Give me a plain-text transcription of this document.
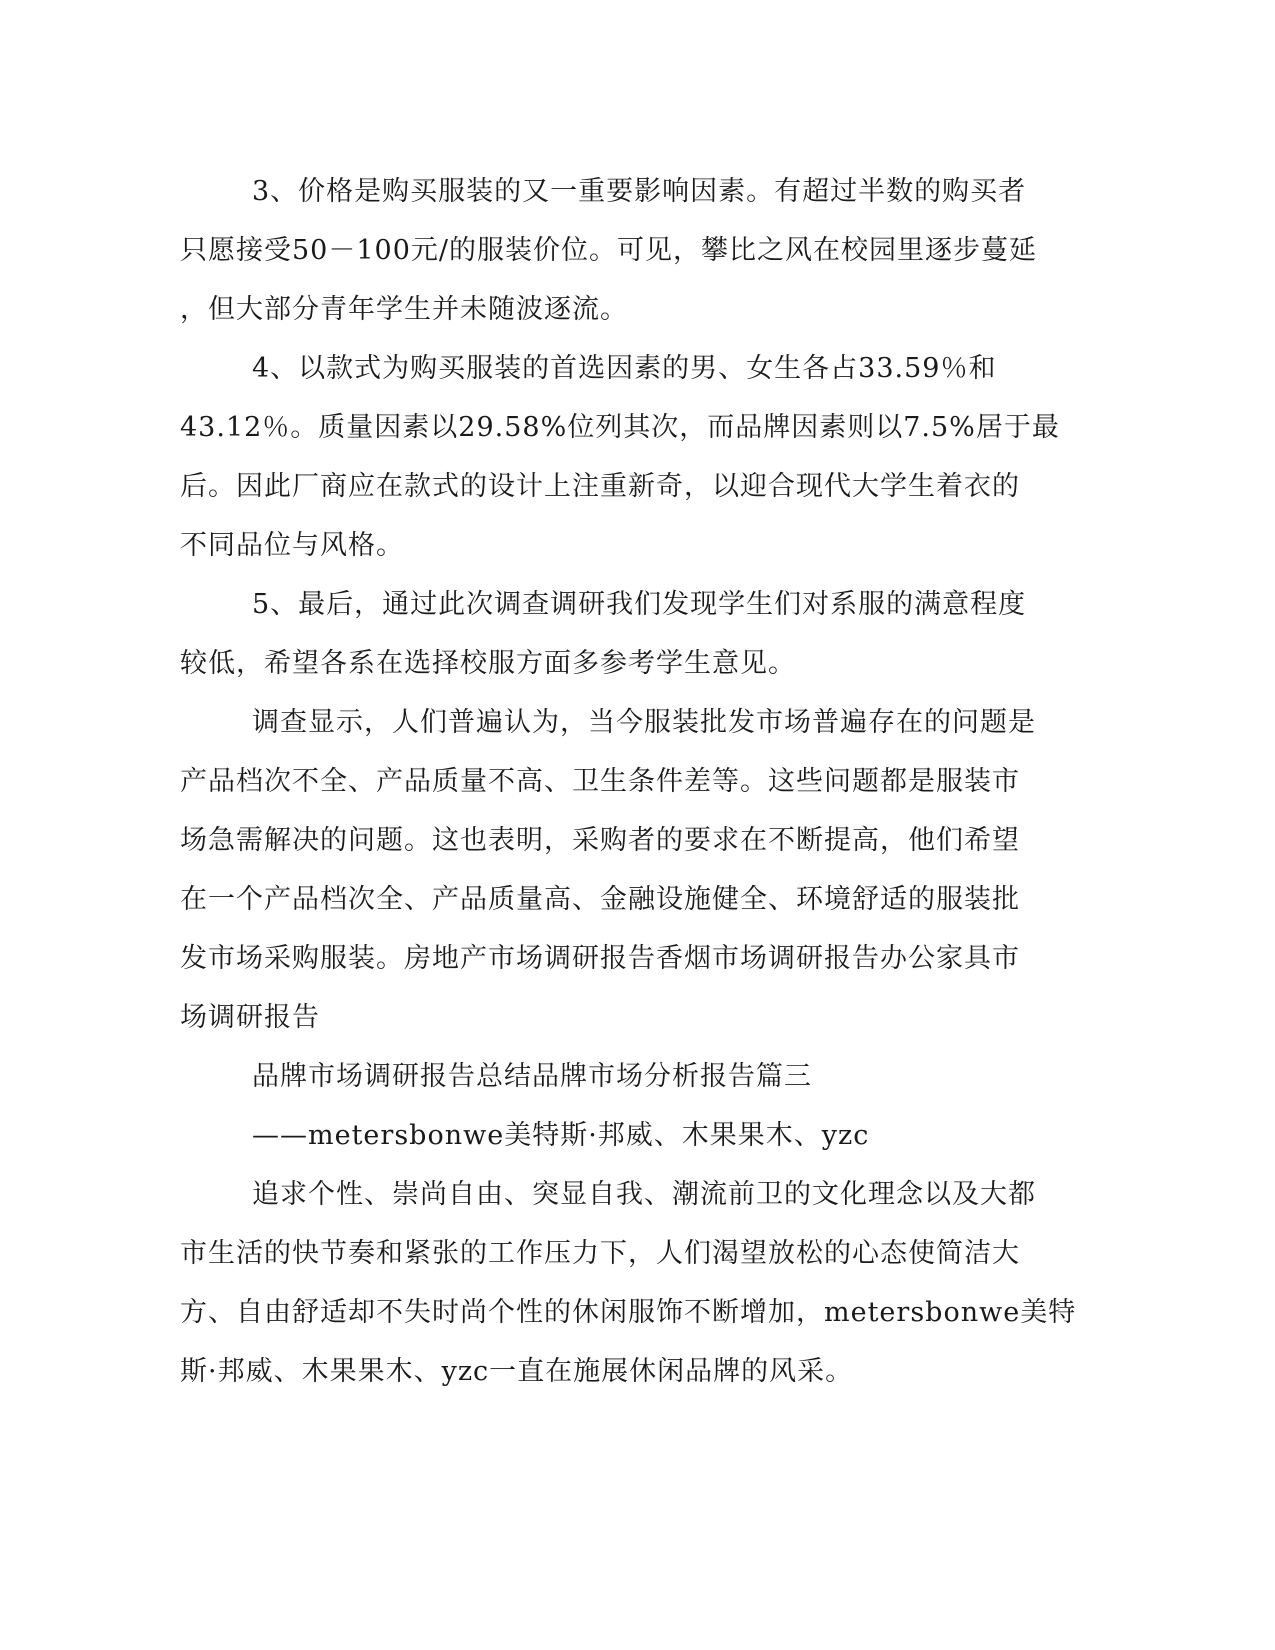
3、价格是购买服装的又一重要影响因素。有超过半数的购买者
只愿接受50－100元/的服装价位。可见，攀比之风在校园里逐步蔓延
，但大部分青年学生并未随波逐流。

4、以款式为购买服装的首选因素的男、女生各占33.59％和
43.12％。质量因素以29.58%位列其次，而品牌因素则以7.5%居于最
后。因此厂商应在款式的设计上注重新奇，以迎合现代大学生着衣的
不同品位与风格。

5、最后，通过此次调查调研我们发现学生们对系服的满意程度
较低，希望各系在选择校服方面多参考学生意见。

调查显示，人们普遍认为，当今服装批发市场普遍存在的问题是
产品档次不全、产品质量不高、卫生条件差等。这些问题都是服装市
场急需解决的问题。这也表明，采购者的要求在不断提高，他们希望
在一个产品档次全、产品质量高、金融设施健全、环境舒适的服装批
发市场采购服装。房地产市场调研报告香烟市场调研报告办公家具市
场调研报告

品牌市场调研报告总结品牌市场分析报告篇三

——metersbonwe美特斯·邦威、木果果木、yzc

追求个性、崇尚自由、突显自我、潮流前卫的文化理念以及大都
市生活的快节奏和紧张的工作压力下，人们渴望放松的心态使简洁大
方、自由舒适却不失时尚个性的休闲服饰不断增加，metersbonwe美特
斯·邦威、木果果木、yzc一直在施展休闲品牌的风采。
